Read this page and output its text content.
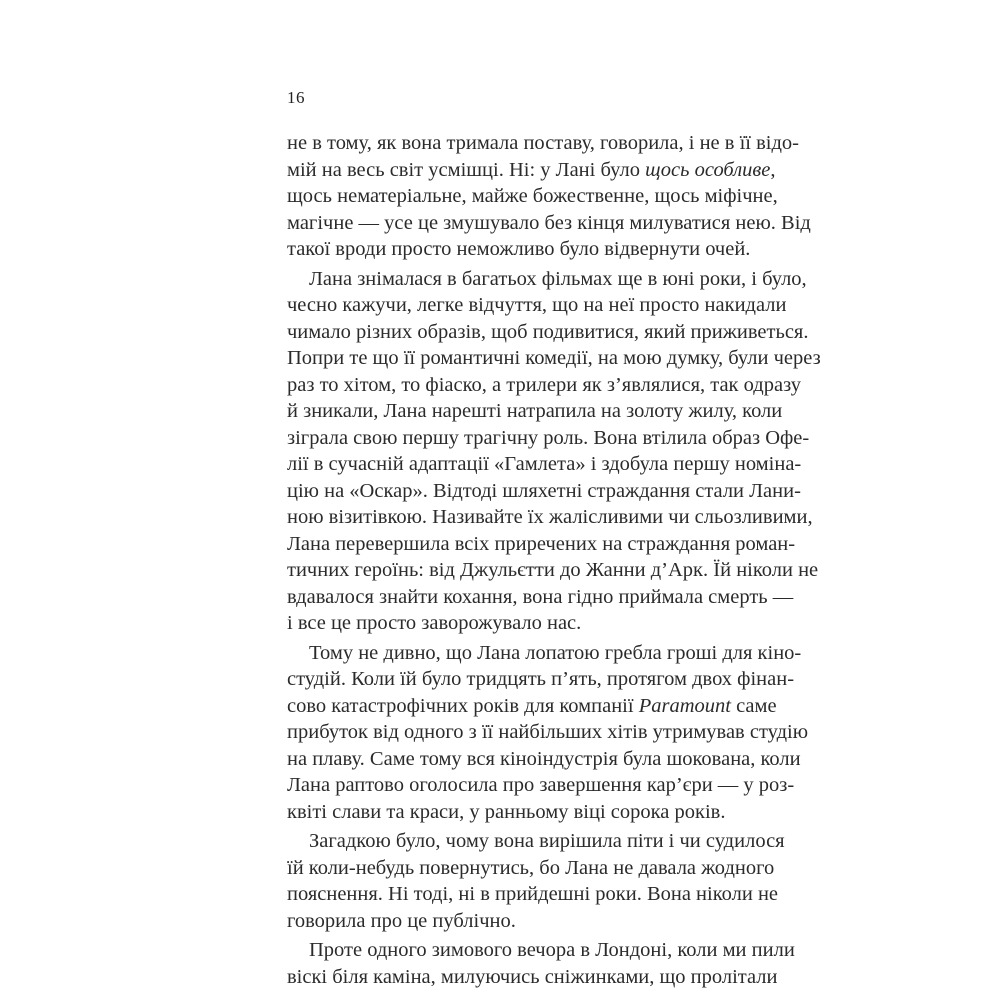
16
не в тому, як вона тримала поставу, говорила, і не в її відо-
мій на весь світ усмішці. Ні: у Лані було щось особливе,
щось нематеріальне, майже божественне, щось міфічне,
магічне — усе це змушувало без кінця милуватися нею. Від
такої вроди просто неможливо було відвернути очей.
Лана знімалася в багатьох фільмах ще в юні роки, і було,
чесно кажучи, легке відчуття, що на неї просто накидали
чимало різних образів, щоб подивитися, який приживеться.
Попри те що її романтичні комедії, на мою думку, були через
раз то хітом, то фіаско, а трилери як з’являлися, так одразу
й зникали, Лана нарешті натрапила на золоту жилу, коли
зіграла свою першу трагічну роль. Вона втілила образ Офе-
лії в сучасній адаптації «Гамлета» і здобула першу номіна-
цію на «Оскар». Відтоді шляхетні страждання стали Лани-
ною візитівкою. Називайте їх жалісливими чи сльозливими,
Лана перевершила всіх приречених на страждання роман-
тичних героїнь: від Джульєтти до Жанни д’Арк. Їй ніколи не
вдавалося знайти кохання, вона гідно приймала смерть —
і все це просто заворожувало нас.
Тому не дивно, що Лана лопатою гребла гроші для кіно-
студій. Коли їй було тридцять п’ять, протягом двох фінан-
сово катастрофічних років для компанії Paramount саме
прибуток від одного з її найбільших хітів утримував студію
на плаву. Саме тому вся кіноіндустрія була шокована, коли
Лана раптово оголосила про завершення кар’єри — у роз-
квіті слави та краси, у ранньому віці сорока років.
Загадкою було, чому вона вирішила піти і чи судилося
їй коли-небудь повернутись, бо Лана не давала жодного
пояснення. Ні тоді, ні в прийдешні роки. Вона ніколи не
говорила про це публічно.
Проте одного зимового вечора в Лондоні, коли ми пили
віскі біля каміна, милуючись сніжинками, що пролітали
